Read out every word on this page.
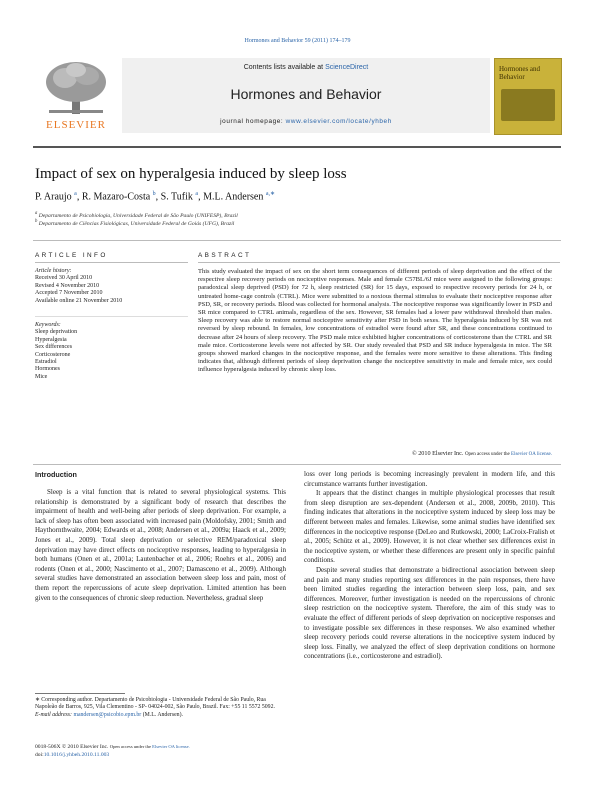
Hormones and Behavior 59 (2011) 174–179
ELSEVIER
Contents lists available at ScienceDirect
Hormones and Behavior
journal homepage: www.elsevier.com/locate/yhbeh
Hormones and Behavior
Impact of sex on hyperalgesia induced by sleep loss
P. Araujo $^a$, R. Mazaro-Costa $^b$, S. Tufik $^a$, M.L. Andersen $^{a,∗}$
$^a$ Departamento de Psicobiologia, Universidade Federal de São Paulo (UNIFESP), Brazil
$^b$ Departamento de Ciências Fisiológicas, Universidade Federal de Goiás (UFG), Brazil
ARTICLE INFO
Article history:
Received 30 April 2010
Revised 4 November 2010
Accepted 7 November 2010
Available online 21 November 2010
Keywords:
Sleep deprivation
Hyperalgesia
Sex differences
Corticosterone
Estradiol
Hormones
Mice
ABSTRACT
This study evaluated the impact of sex on the short term consequences of different periods of sleep deprivation and the effect of the respective sleep recovery periods on nociceptive responses. Male and female C57BL/6J mice were assigned to the following groups: paradoxical sleep deprived (PSD) for 72 h, sleep restricted (SR) for 15 days, exposed to respective recovery periods for 24 h, or untreated home-cage controls (CTRL). Mice were submitted to a noxious thermal stimulus to evaluate their nociceptive response after PSD, SR, or recovery periods. Blood was collected for hormonal analysis. The nociceptive response was significantly lower in PSD and SR mice compared to CTRL animals, regardless of the sex. However, SR females had a lower paw withdrawal threshold than males. Sleep recovery was able to restore normal nociceptive sensitivity after PSD in both sexes. The hyperalgesia induced by SR was not reversed by sleep rebound. In females, low concentrations of estradiol were found after SR, and these concentrations continued to decrease after 24 hours of sleep recovery. The PSD male mice exhibited higher concentrations of corticosterone than the CTRL and SR male mice. Corticosterone levels were not affected by SR. Our study revealed that PSD and SR induce hyperalgesia in mice. The SR groups showed marked changes in the nociceptive response, and the females were more sensitive to these alterations. This finding indicates that, although different periods of sleep deprivation change the nociceptive sensitivity in male and female mice, sex could influence hyperalgesia induced by chronic sleep loss.
© 2010 Elsevier Inc. Open access under the Elsevier OA license.
Introduction

Sleep is a vital function that is related to several physiological systems. This relationship is demonstrated by a significant body of research that describes the impairment of health and well-being after periods of sleep deprivation. For example, a lack of sleep has often been associated with increased pain (Moldofsky, 2001; Smith and Haythornthwaite, 2004; Edwards et al., 2008; Andersen et al., 2009a; Haack et al., 2009; Jones et al., 2009). Total sleep deprivation or selective REM/paradoxical sleep deprivation may have direct effects on nociceptive responses, leading to hyperalgesia in both humans (Onen et al., 2001a; Lautenbacher et al., 2006; Roehrs et al., 2006) and rodents (Onen et al., 2000; Nascimento et al., 2007; Damasceno et al., 2009). Although several studies have demonstrated an association between sleep loss and pain, most of them report the repercussions of acute sleep deprivation. Limited attention has been given to the consequences of chronic sleep reduction. Nevertheless, gradual sleep

loss over long periods is becoming increasingly prevalent in modern life, and this circumstance warrants further investigation.

It appears that the distinct changes in multiple physiological processes that result from sleep disruption are sex-dependent (Andersen et al., 2008, 2009b, 2010). This finding indicates that alterations in the nociceptive system induced by sleep loss may be different between males and females. Likewise, some animal studies have identified sex differences in the nociceptive response (DeLeo and Rutkowski, 2000; LaCroix-Fralish et al., 2005; Schütz et al., 2009). However, it is not clear whether sex differences exist in the nociceptive system, or whether these differences are present only in specific painful conditions.

Despite several studies that demonstrate a bidirectional association between sleep and pain and many studies reporting sex differences in the pain responses, there have been limited studies regarding the interaction between sleep loss, pain, and sex differences. Moreover, further investigation is needed on the repercussions of chronic sleep restriction on the nociceptive system. Therefore, the aim of this study was to evaluate the effect of different periods of sleep deprivation on nociceptive responses and to investigate possible sex differences in these responses. We also examined whether sleep recovery periods could reverse alterations in the nociceptive system induced by sleep loss. Finally, we analyzed the effect of sleep deprivation conditions on hormone concentrations (i.e., corticosterone and estradiol).

∗ Corresponding author. Departamento de Psicobiologia - Universidade Federal de São Paulo, Rua Napoleão de Barros, 925, Vila Clementino - SP- 04024-002, São Paulo, Brazil. Fax: +55 11 5572 5092.
E-mail address: mandersen@psicobio.epm.br (M.L. Andersen).
0018-506X © 2010 Elsevier Inc. Open access under the Elsevier OA license.
doi:10.1016/j.yhbeh.2010.11.003
